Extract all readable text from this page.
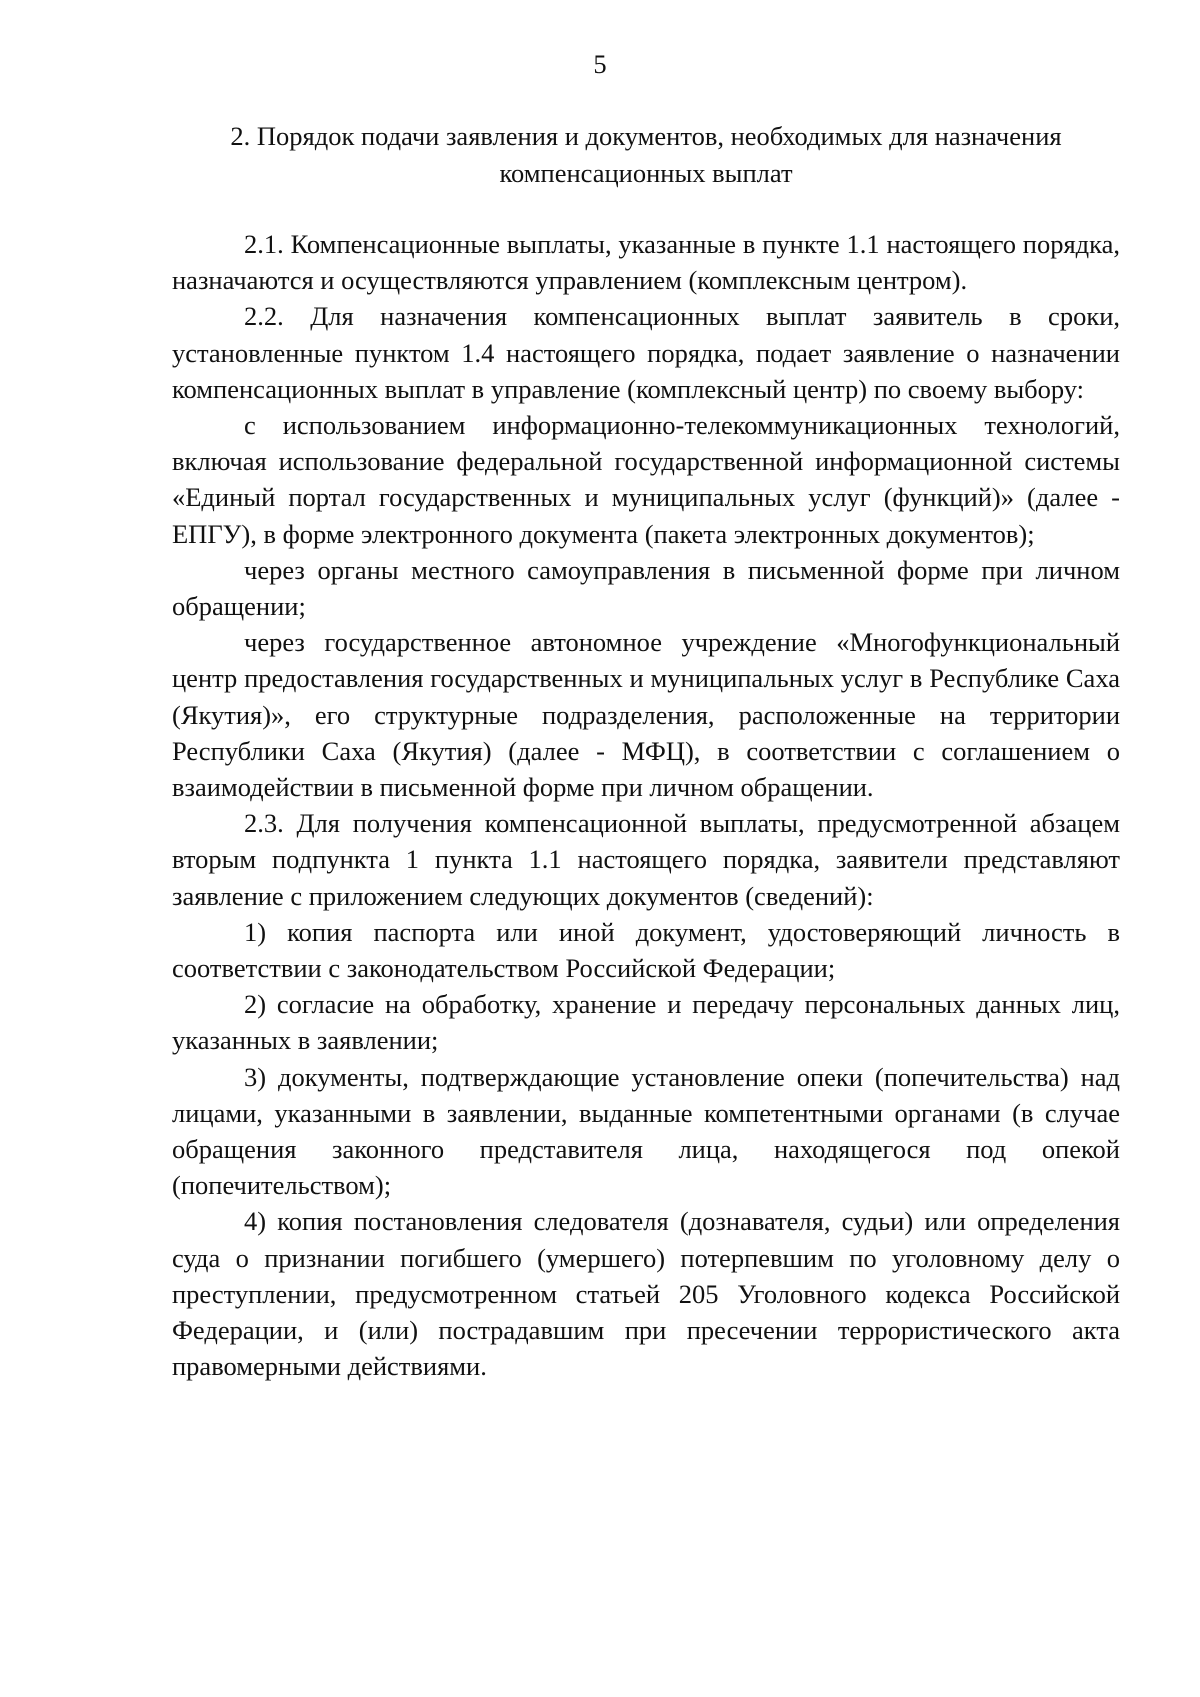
5

2. Порядок подачи заявления и документов, необходимых для назначения
компенсационных выплат

2.1. Компенсационные выплаты, указанные в пункте 1.1 настоящего порядка, назначаются и осуществляются управлением (комплексным центром).

2.2. Для назначения компенсационных выплат заявитель в сроки, установленные пунктом 1.4 настоящего порядка, подает заявление о назначении компенсационных выплат в управление (комплексный центр) по своему выбору:

с использованием информационно-телекоммуникационных технологий, включая использование федеральной государственной информационной системы «Единый портал государственных и муниципальных услуг (функций)» (далее - ЕПГУ), в форме электронного документа (пакета электронных документов);

через органы местного самоуправления в письменной форме при личном обращении;

через государственное автономное учреждение «Многофункциональный центр предоставления государственных и муниципальных услуг в Республике Саха (Якутия)», его структурные подразделения, расположенные на территории Республики Саха (Якутия) (далее - МФЦ), в соответствии с соглашением о взаимодействии в письменной форме при личном обращении.

2.3. Для получения компенсационной выплаты, предусмотренной абзацем вторым подпункта 1 пункта 1.1 настоящего порядка, заявители представляют заявление с приложением следующих документов (сведений):

1) копия паспорта или иной документ, удостоверяющий личность в соответствии с законодательством Российской Федерации;

2) согласие на обработку, хранение и передачу персональных данных лиц, указанных в заявлении;

3) документы, подтверждающие установление опеки (попечительства) над лицами, указанными в заявлении, выданные компетентными органами (в случае обращения законного представителя лица, находящегося под опекой (попечительством);

4) копия постановления следователя (дознавателя, судьи) или определения суда о признании погибшего (умершего) потерпевшим по уголовному делу о преступлении, предусмотренном статьей 205 Уголовного кодекса Российской Федерации, и (или) пострадавшим при пресечении террористического акта правомерными действиями.
